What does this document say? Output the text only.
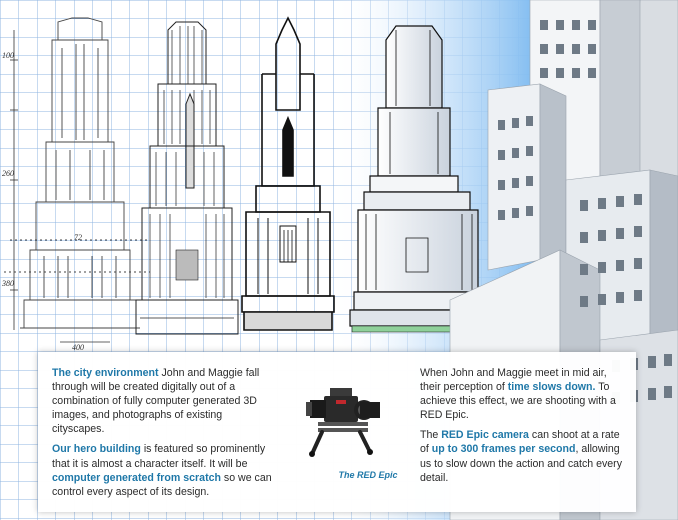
100
260
380
400
72

The city environment John and Maggie fall through will be created digitally out of a combination of fully computer generated 3D images, and photographs of existing cityscapes.

Our hero building is featured so prominently that it is almost a character itself. It will be computer generated from scratch so we can control every aspect of its design.

The RED Epic

When John and Maggie meet in mid air, their perception of time slows down. To achieve this effect, we are shooting with a RED Epic.

The RED Epic camera can shoot at a rate of up to 300 frames per second, allowing us to slow down the action and catch every detail.
